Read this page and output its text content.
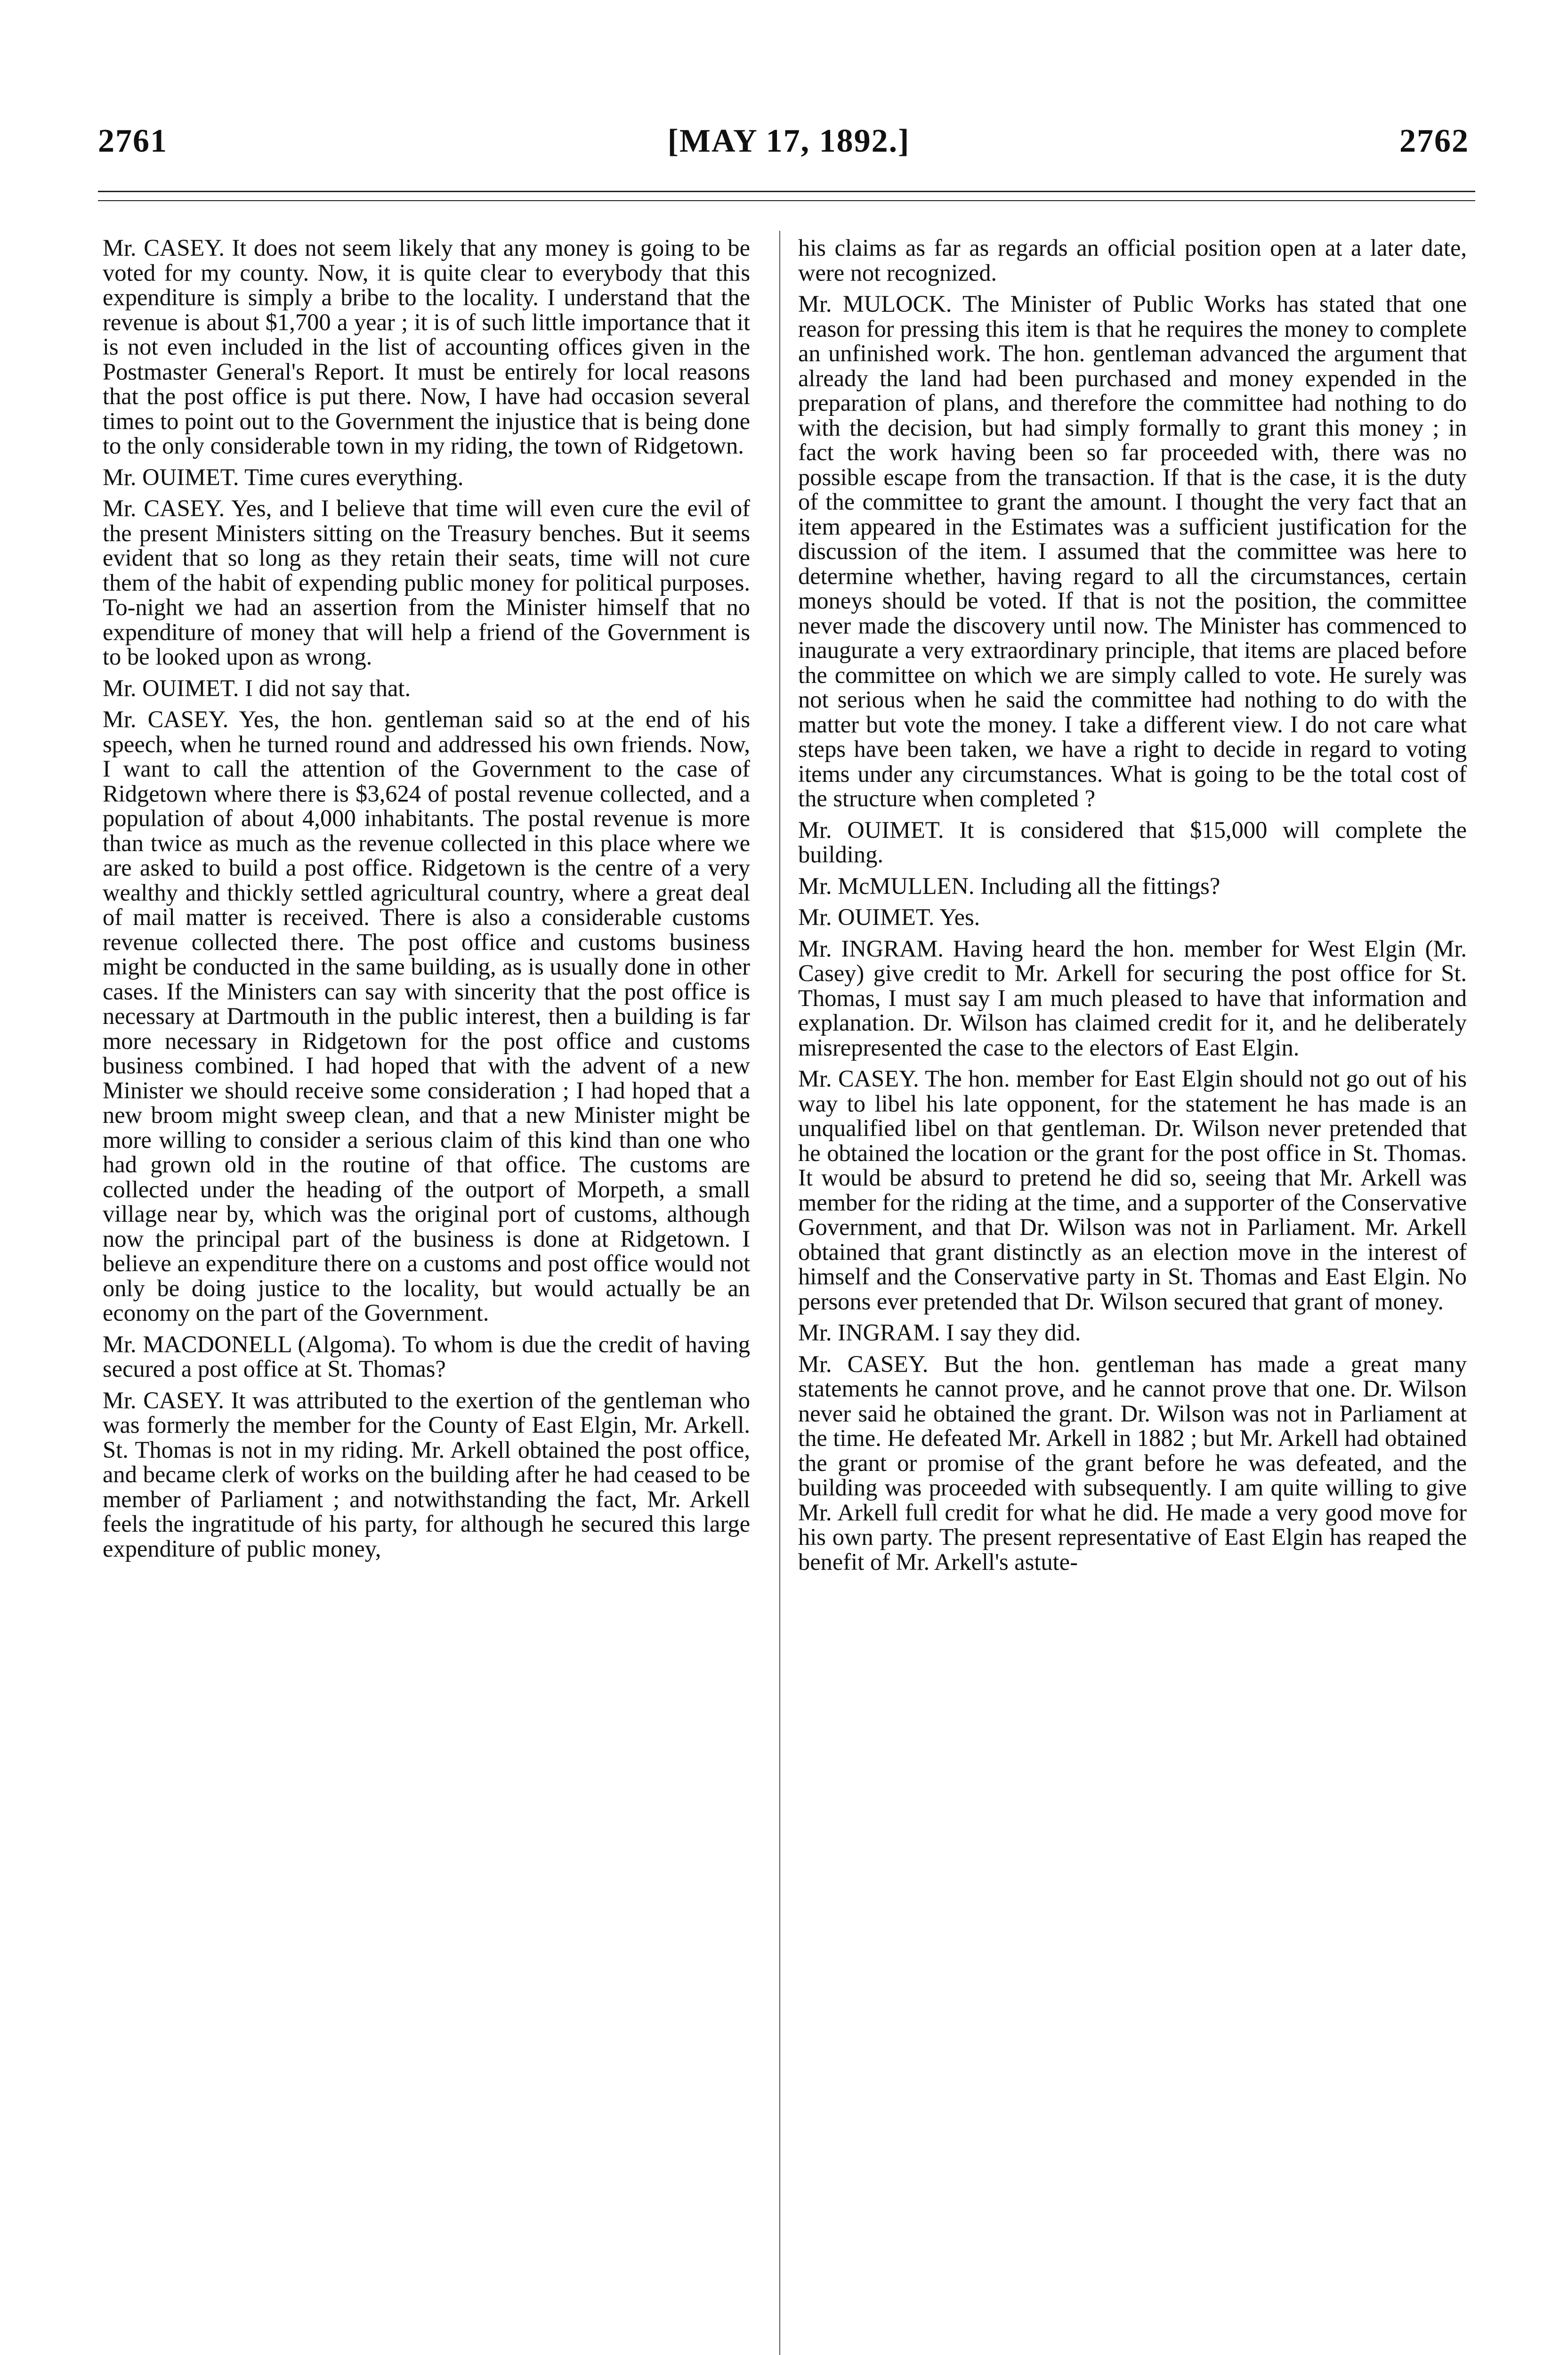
2761	[MAY 17, 1892.]	2762

Mr. CASEY. It does not seem likely that any money is going to be voted for my county. Now, it is quite clear to everybody that this expenditure is simply a bribe to the locality. I understand that the revenue is about $1,700 a year ; it is of such little importance that it is not even included in the list of accounting offices given in the Postmaster General's Report. It must be entirely for local reasons that the post office is put there. Now, I have had occasion several times to point out to the Government the injustice that is being done to the only considerable town in my riding, the town of Ridgetown.

Mr. OUIMET. Time cures everything.

Mr. CASEY. Yes, and I believe that time will even cure the evil of the present Ministers sitting on the Treasury benches. But it seems evident that so long as they retain their seats, time will not cure them of the habit of expending public money for political purposes. To-night we had an assertion from the Minister himself that no expenditure of money that will help a friend of the Government is to be looked upon as wrong.

Mr. OUIMET. I did not say that.

Mr. CASEY. Yes, the hon. gentleman said so at the end of his speech, when he turned round and addressed his own friends. Now, I want to call the attention of the Government to the case of Ridgetown where there is $3,624 of postal revenue collected, and a population of about 4,000 inhabitants. The postal revenue is more than twice as much as the revenue collected in this place where we are asked to build a post office. Ridgetown is the centre of a very wealthy and thickly settled agricultural country, where a great deal of mail matter is received. There is also a considerable customs revenue collected there. The post office and customs business might be conducted in the same building, as is usually done in other cases. If the Ministers can say with sincerity that the post office is necessary at Dartmouth in the public interest, then a building is far more necessary in Ridgetown for the post office and customs business combined. I had hoped that with the advent of a new Minister we should receive some consideration ; I had hoped that a new broom might sweep clean, and that a new Minister might be more willing to consider a serious claim of this kind than one who had grown old in the routine of that office. The customs are collected under the heading of the outport of Morpeth, a small village near by, which was the original port of customs, although now the principal part of the business is done at Ridgetown. I believe an expenditure there on a customs and post office would not only be doing justice to the locality, but would actually be an economy on the part of the Government.

Mr. MACDONELL (Algoma). To whom is due the credit of having secured a post office at St. Thomas?

Mr. CASEY. It was attributed to the exertion of the gentleman who was formerly the member for the County of East Elgin, Mr. Arkell. St. Thomas is not in my riding. Mr. Arkell obtained the post office, and became clerk of works on the building after he had ceased to be member of Parliament ; and notwithstanding the fact, Mr. Arkell feels the ingratitude of his party, for although he secured this large expenditure of public money,

his claims as far as regards an official position open at a later date, were not recognized.

Mr. MULOCK. The Minister of Public Works has stated that one reason for pressing this item is that he requires the money to complete an unfinished work. The hon. gentleman advanced the argument that already the land had been purchased and money expended in the preparation of plans, and therefore the committee had nothing to do with the decision, but had simply formally to grant this money ; in fact the work having been so far proceeded with, there was no possible escape from the transaction. If that is the case, it is the duty of the committee to grant the amount. I thought the very fact that an item appeared in the Estimates was a sufficient justification for the discussion of the item. I assumed that the committee was here to determine whether, having regard to all the circumstances, certain moneys should be voted. If that is not the position, the committee never made the discovery until now. The Minister has commenced to inaugurate a very extraordinary principle, that items are placed before the committee on which we are simply called to vote. He surely was not serious when he said the committee had nothing to do with the matter but vote the money. I take a different view. I do not care what steps have been taken, we have a right to decide in regard to voting items under any circumstances. What is going to be the total cost of the structure when completed ?

Mr. OUIMET. It is considered that $15,000 will complete the building.

Mr. McMULLEN. Including all the fittings?

Mr. OUIMET. Yes.

Mr. INGRAM. Having heard the hon. member for West Elgin (Mr. Casey) give credit to Mr. Arkell for securing the post office for St. Thomas, I must say I am much pleased to have that information and explanation. Dr. Wilson has claimed credit for it, and he deliberately misrepresented the case to the electors of East Elgin.

Mr. CASEY. The hon. member for East Elgin should not go out of his way to libel his late opponent, for the statement he has made is an unqualified libel on that gentleman. Dr. Wilson never pretended that he obtained the location or the grant for the post office in St. Thomas. It would be absurd to pretend he did so, seeing that Mr. Arkell was member for the riding at the time, and a supporter of the Conservative Government, and that Dr. Wilson was not in Parliament. Mr. Arkell obtained that grant distinctly as an election move in the interest of himself and the Conservative party in St. Thomas and East Elgin. No persons ever pretended that Dr. Wilson secured that grant of money.

Mr. INGRAM. I say they did.

Mr. CASEY. But the hon. gentleman has made a great many statements he cannot prove, and he cannot prove that one. Dr. Wilson never said he obtained the grant. Dr. Wilson was not in Parliament at the time. He defeated Mr. Arkell in 1882 ; but Mr. Arkell had obtained the grant or promise of the grant before he was defeated, and the building was proceeded with subsequently. I am quite willing to give Mr. Arkell full credit for what he did. He made a very good move for his own party. The present representative of East Elgin has reaped the benefit of Mr. Arkell's astute-
